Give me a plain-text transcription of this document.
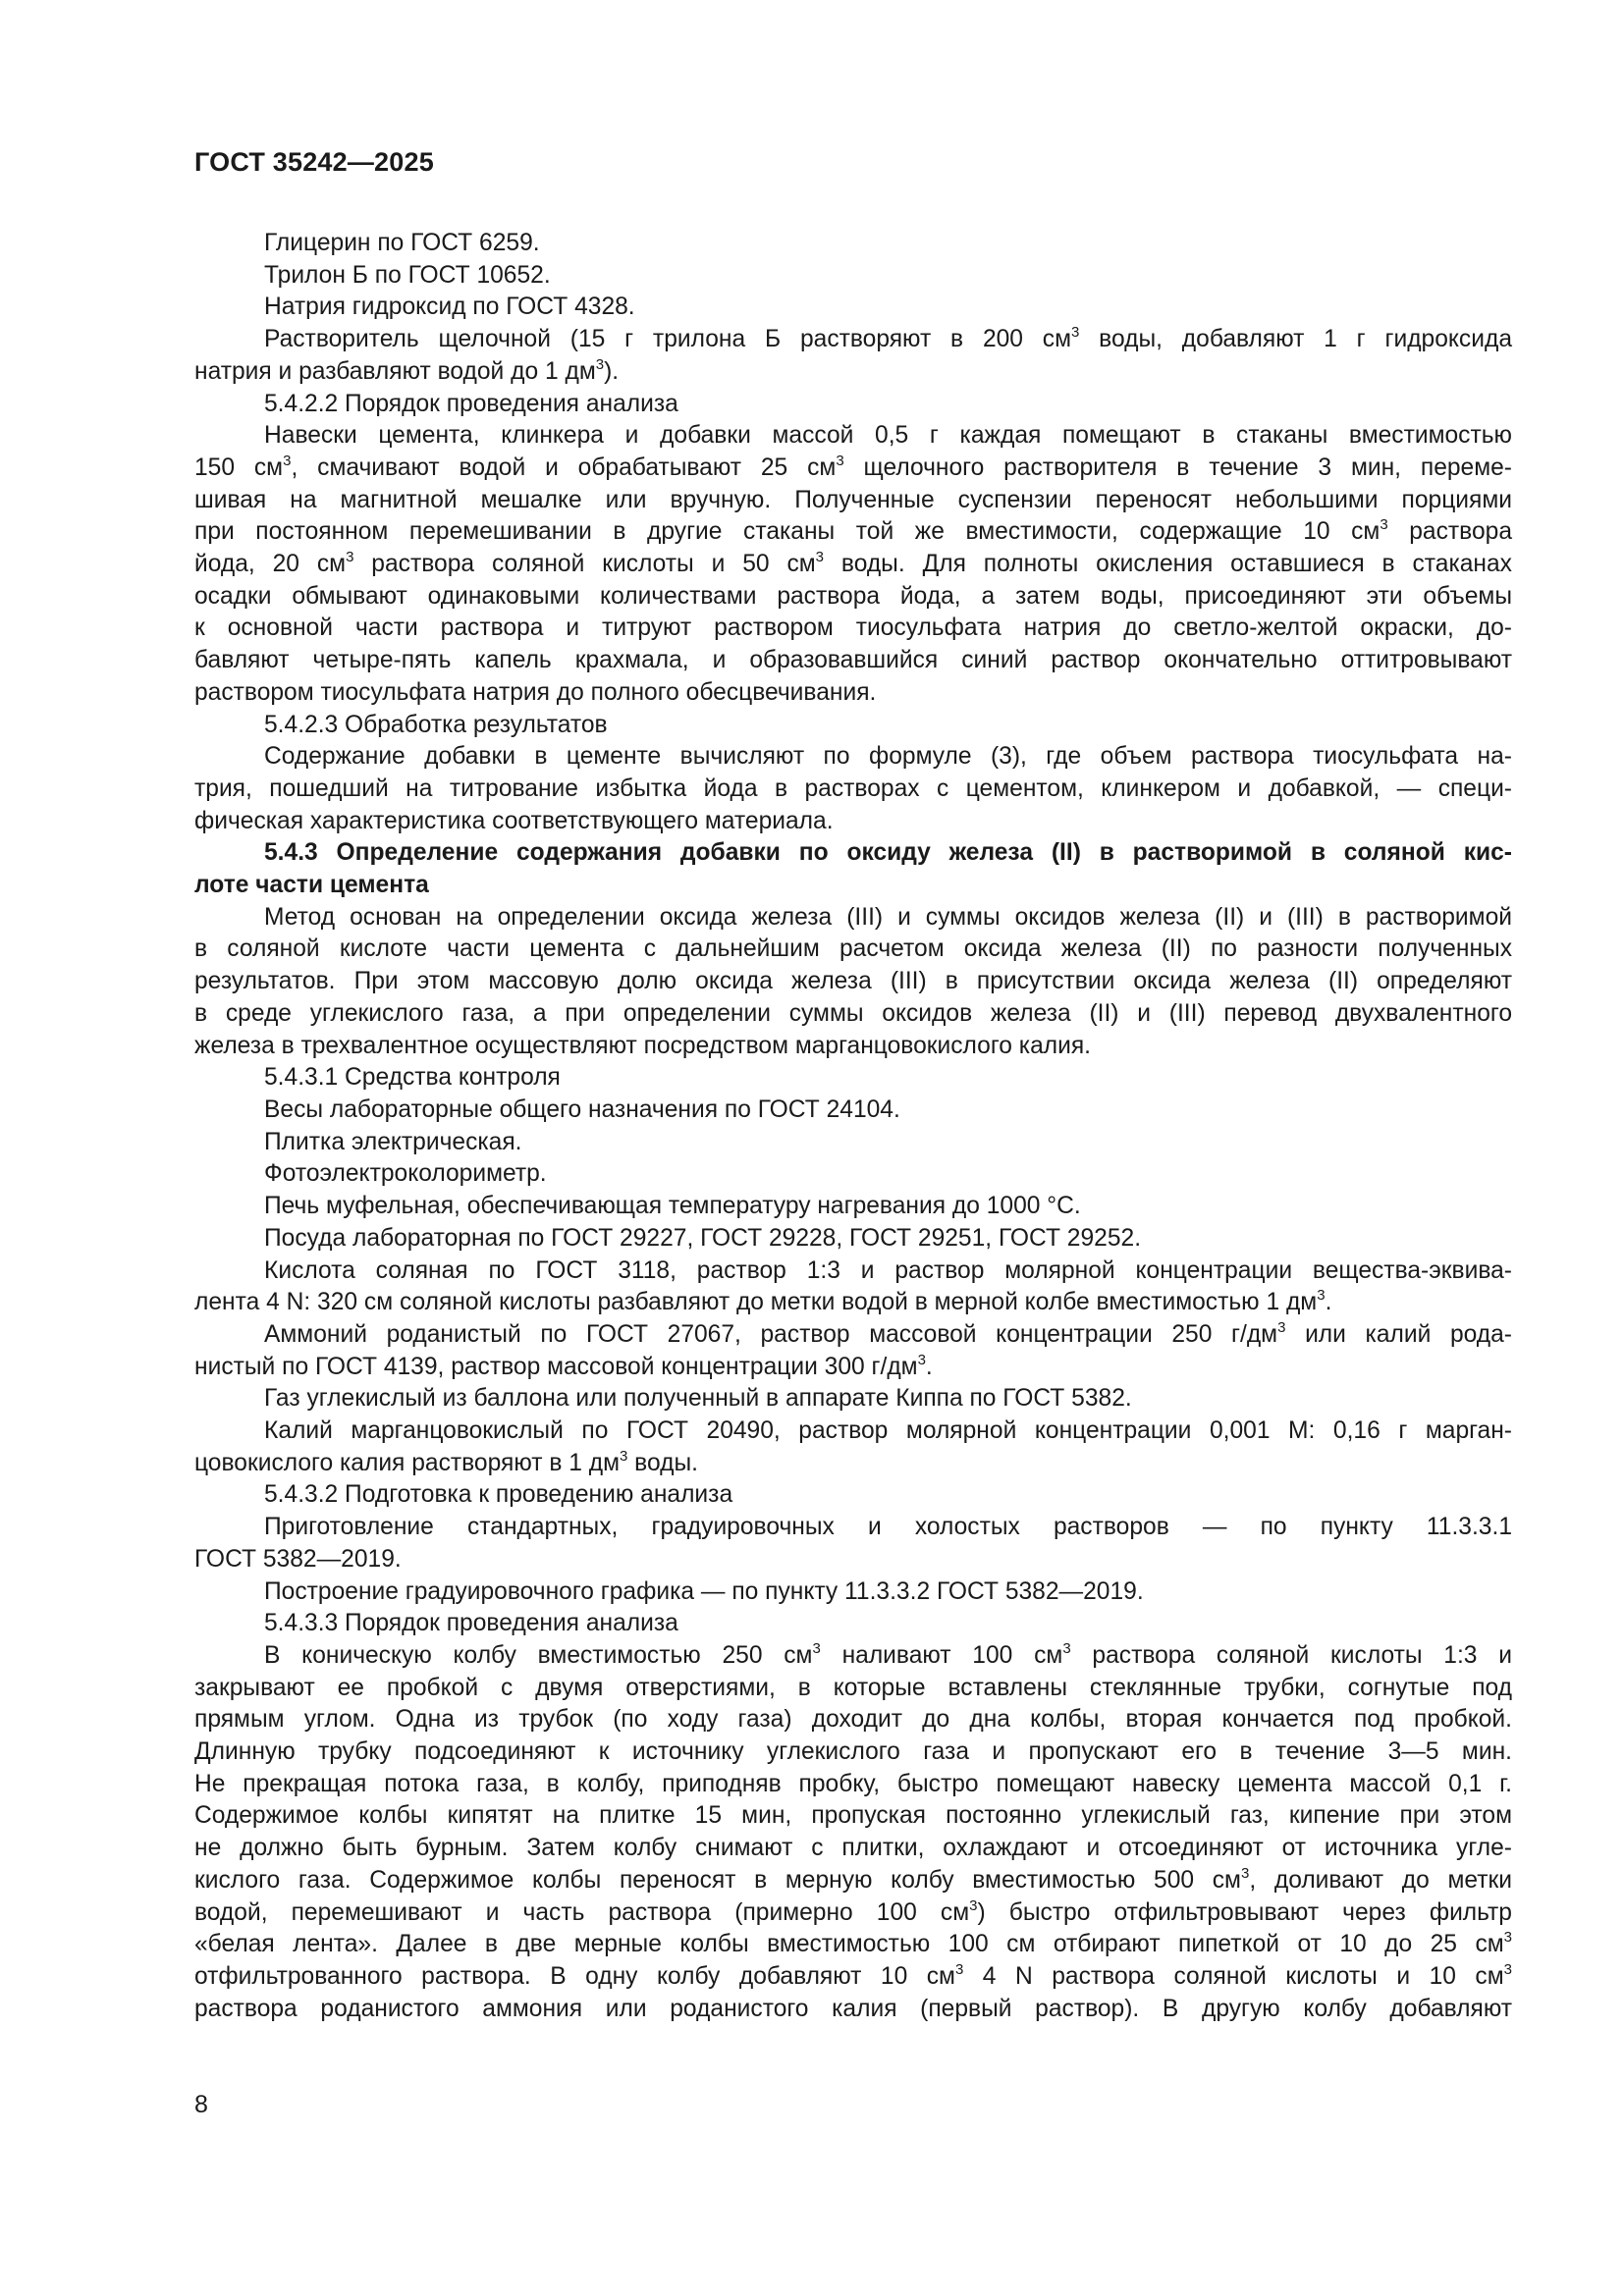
ГОСТ 35242—2025
Глицерин по ГОСТ 6259.
Трилон Б по ГОСТ 10652.
Натрия гидроксид по ГОСТ 4328.
Растворитель щелочной (15 г трилона Б растворяют в 200 $см^3$ воды, добавляют 1 г гидроксида
натрия и разбавляют водой до 1 $дм^3$).
5.4.2.2 Порядок проведения анализа
Навески цемента, клинкера и добавки массой 0,5 г каждая помещают в стаканы вместимостью
150 $см^3$, смачивают водой и обрабатывают 25 $см^3$ щелочного растворителя в течение 3 мин, переме-
шивая на магнитной мешалке или вручную. Полученные суспензии переносят небольшими порциями
при постоянном перемешивании в другие стаканы той же вместимости, содержащие 10 $см^3$ раствора
йода, 20 $см^3$ раствора соляной кислоты и 50 $см^3$ воды. Для полноты окисления оставшиеся в стаканах
осадки обмывают одинаковыми количествами раствора йода, а затем воды, присоединяют эти объемы
к основной части раствора и титруют раствором тиосульфата натрия до светло-желтой окраски, до-
бавляют четыре-пять капель крахмала, и образовавшийся синий раствор окончательно оттитровывают
раствором тиосульфата натрия до полного обесцвечивания.
5.4.2.3 Обработка результатов
Содержание добавки в цементе вычисляют по формуле (3), где объем раствора тиосульфата на-
трия, пошедший на титрование избытка йода в растворах с цементом, клинкером и добавкой, — специ-
фическая характеристика соответствующего материала.
5.4.3 Определение содержания добавки по оксиду железа (II) в растворимой в соляной кис-
лоте части цемента
Метод основан на определении оксида железа (III) и суммы оксидов железа (II) и (III) в растворимой
в соляной кислоте части цемента с дальнейшим расчетом оксида железа (II) по разности полученных
результатов. При этом массовую долю оксида железа (III) в присутствии оксида железа (II) определяют
в среде углекислого газа, а при определении суммы оксидов железа (II) и (III) перевод двухвалентного
железа в трехвалентное осуществляют посредством марганцовокислого калия.
5.4.3.1 Средства контроля
Весы лабораторные общего назначения по ГОСТ 24104.
Плитка электрическая.
Фотоэлектроколориметр.
Печь муфельная, обеспечивающая температуру нагревания до 1000 °С.
Посуда лабораторная по ГОСТ 29227, ГОСТ 29228, ГОСТ 29251, ГОСТ 29252.
Кислота соляная по ГОСТ 3118, раствор 1:3 и раствор молярной концентрации вещества-эквива-
лента 4 N: 320 см соляной кислоты разбавляют до метки водой в мерной колбе вместимостью 1 $дм^3$.
Аммоний роданистый по ГОСТ 27067, раствор массовой концентрации 250 $г/дм^3$ или калий рода-
нистый по ГОСТ 4139, раствор массовой концентрации 300 $г/дм^3$.
Газ углекислый из баллона или полученный в аппарате Киппа по ГОСТ 5382.
Калий марганцовокислый по ГОСТ 20490, раствор молярной концентрации 0,001 М: 0,16 г марган-
цовокислого калия растворяют в 1 $дм^3$ воды.
5.4.3.2 Подготовка к проведению анализа
Приготовление стандартных, градуировочных и холостых растворов — по пункту 11.3.3.1
ГОСТ 5382—2019.
Построение градуировочного графика — по пункту 11.3.3.2 ГОСТ 5382—2019.
5.4.3.3 Порядок проведения анализа
В коническую колбу вместимостью 250 $см^3$ наливают 100 $см^3$ раствора соляной кислоты 1:3 и
закрывают ее пробкой с двумя отверстиями, в которые вставлены стеклянные трубки, согнутые под
прямым углом. Одна из трубок (по ходу газа) доходит до дна колбы, вторая кончается под пробкой.
Длинную трубку подсоединяют к источнику углекислого газа и пропускают его в течение 3—5 мин.
Не прекращая потока газа, в колбу, приподняв пробку, быстро помещают навеску цемента массой 0,1 г.
Содержимое колбы кипятят на плитке 15 мин, пропуская постоянно углекислый газ, кипение при этом
не должно быть бурным. Затем колбу снимают с плитки, охлаждают и отсоединяют от источника угле-
кислого газа. Содержимое колбы переносят в мерную колбу вместимостью 500 $см^3$, доливают до метки
водой, перемешивают и часть раствора (примерно 100 $см^3$) быстро отфильтровывают через фильтр
«белая лента». Далее в две мерные колбы вместимостью 100 см отбирают пипеткой от 10 до 25 $см^3$
отфильтрованного раствора. В одну колбу добавляют 10 $см^3$ 4 N раствора соляной кислоты и 10 $см^3$
раствора роданистого аммония или роданистого калия (первый раствор). В другую колбу добавляют
8
